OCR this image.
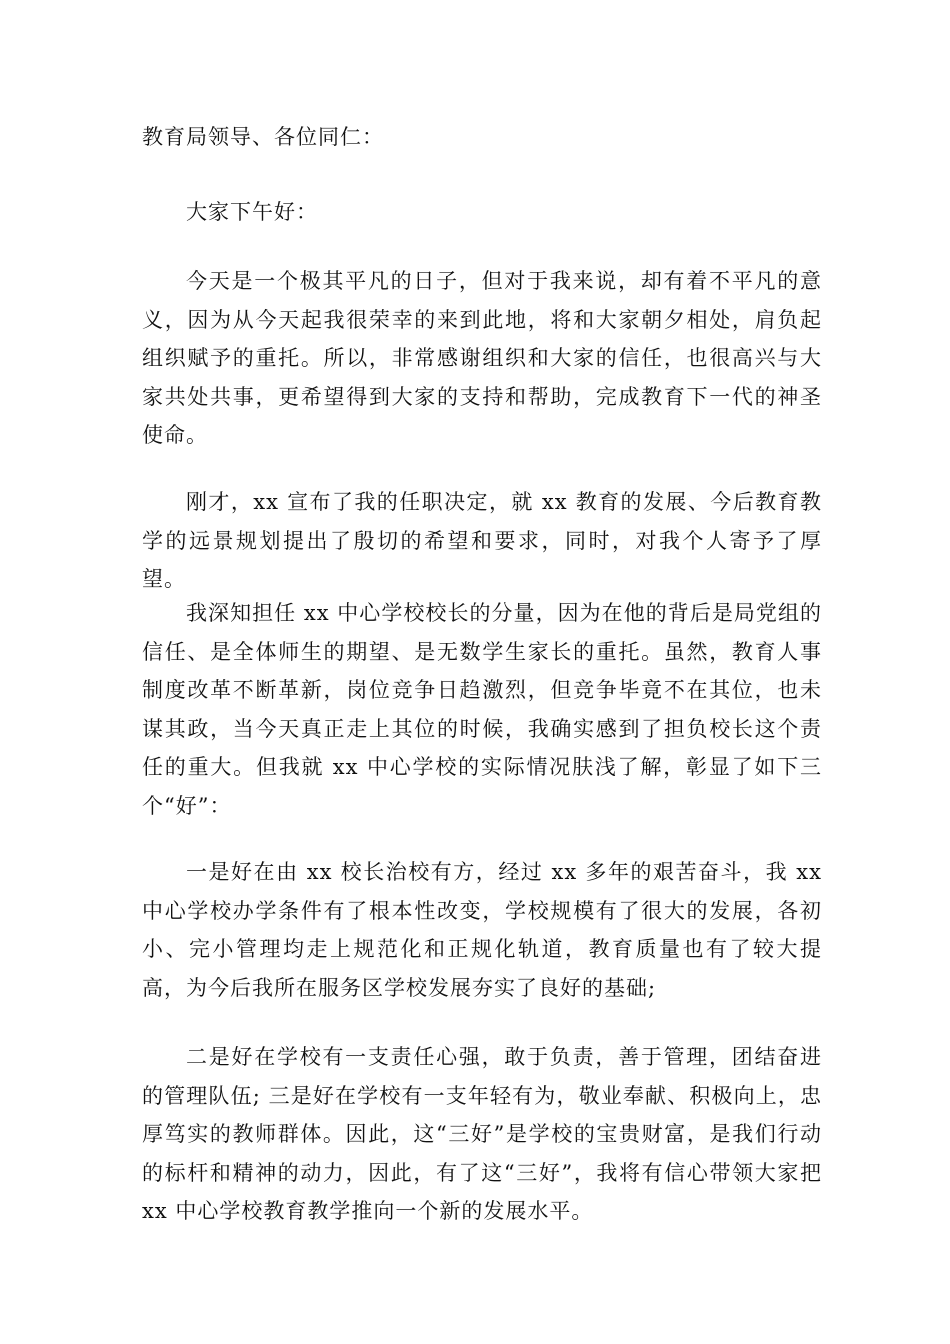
教育局领导、各位同仁：

大家下午好：

今天是一个极其平凡的日子，但对于我来说，却有着不平凡的意义，因为从今天起我很荣幸的来到此地，将和大家朝夕相处，肩负起组织赋予的重托。所以，非常感谢组织和大家的信任，也很高兴与大家共处共事，更希望得到大家的支持和帮助，完成教育下一代的神圣使命。

刚才，xx 宣布了我的任职决定，就 xx 教育的发展、今后教育教学的远景规划提出了殷切的希望和要求，同时，对我个人寄予了厚望。

我深知担任 xx 中心学校校长的分量，因为在他的背后是局党组的信任、是全体师生的期望、是无数学生家长的重托。虽然，教育人事制度改革不断革新，岗位竞争日趋激烈，但竞争毕竟不在其位，也未谋其政，当今天真正走上其位的时候，我确实感到了担负校长这个责任的重大。但我就 xx 中心学校的实际情况肤浅了解，彰显了如下三个“好”：

一是好在由 xx 校长治校有方，经过 xx 多年的艰苦奋斗，我 xx 中心学校办学条件有了根本性改变，学校规模有了很大的发展，各初小、完小管理均走上规范化和正规化轨道，教育质量也有了较大提高，为今后我所在服务区学校发展夯实了良好的基础;

二是好在学校有一支责任心强，敢于负责，善于管理，团结奋进的管理队伍; 三是好在学校有一支年轻有为，敬业奉献、积极向上，忠厚笃实的教师群体。因此，这“三好”是学校的宝贵财富，是我们行动的标杆和精神的动力，因此，有了这“三好”，我将有信心带领大家把 xx 中心学校教育教学推向一个新的发展水平。
